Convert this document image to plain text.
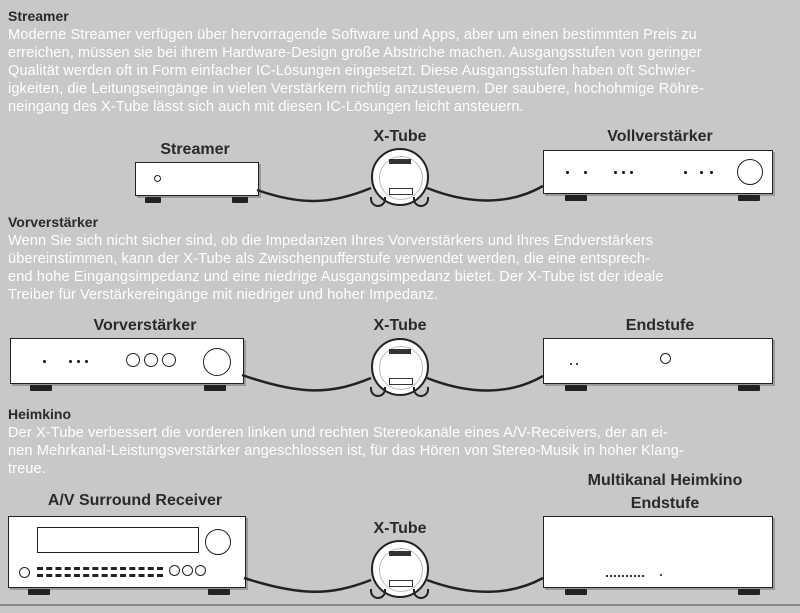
Streamer
Moderne Streamer verfügen über hervorragende Software und Apps, aber um einen bestimmten Preis zu
erreichen, müssen sie bei ihrem Hardware-Design große Abstriche machen. Ausgangsstufen von geringer
Qualität werden oft in Form einfacher IC-Lösungen eingesetzt. Diese Ausgangsstufen haben oft Schwier-
igkeiten, die Leitungseingänge in vielen Verstärkern richtig anzusteuern. Der saubere, hochohmige Röhre-
neingang des X-Tube lässt sich auch mit diesen IC-Lösungen leicht ansteuern.
Streamer
X-Tube	Vollverstärker
Vorverstärker
Wenn Sie sich nicht sicher sind, ob die Impedanzen Ihres Vorverstärkers und Ihres Endverstärkers
übereinstimmen, kann der X-Tube als Zwischenpufferstufe verwendet werden, die eine entsprech-
end hohe Eingangsimpedanz und eine niedrige Ausgangsimpedanz bietet. Der X-Tube ist der ideale
Treiber für Verstärkereingänge mit niedriger und hoher Impedanz.
Vorverstärker	X-Tube	Endstufe
Heimkino
Der X-Tube verbessert die vorderen linken und rechten Stereokanäle eines A/V-Receivers, der an ei-
nen Mehrkanal-Leistungsverstärker angeschlossen ist, für das Hören von Stereo-Musik in hoher Klang-
treue.
A/V Surround Receiver
X-Tube
Multikanal Heimkino
Endstufe
